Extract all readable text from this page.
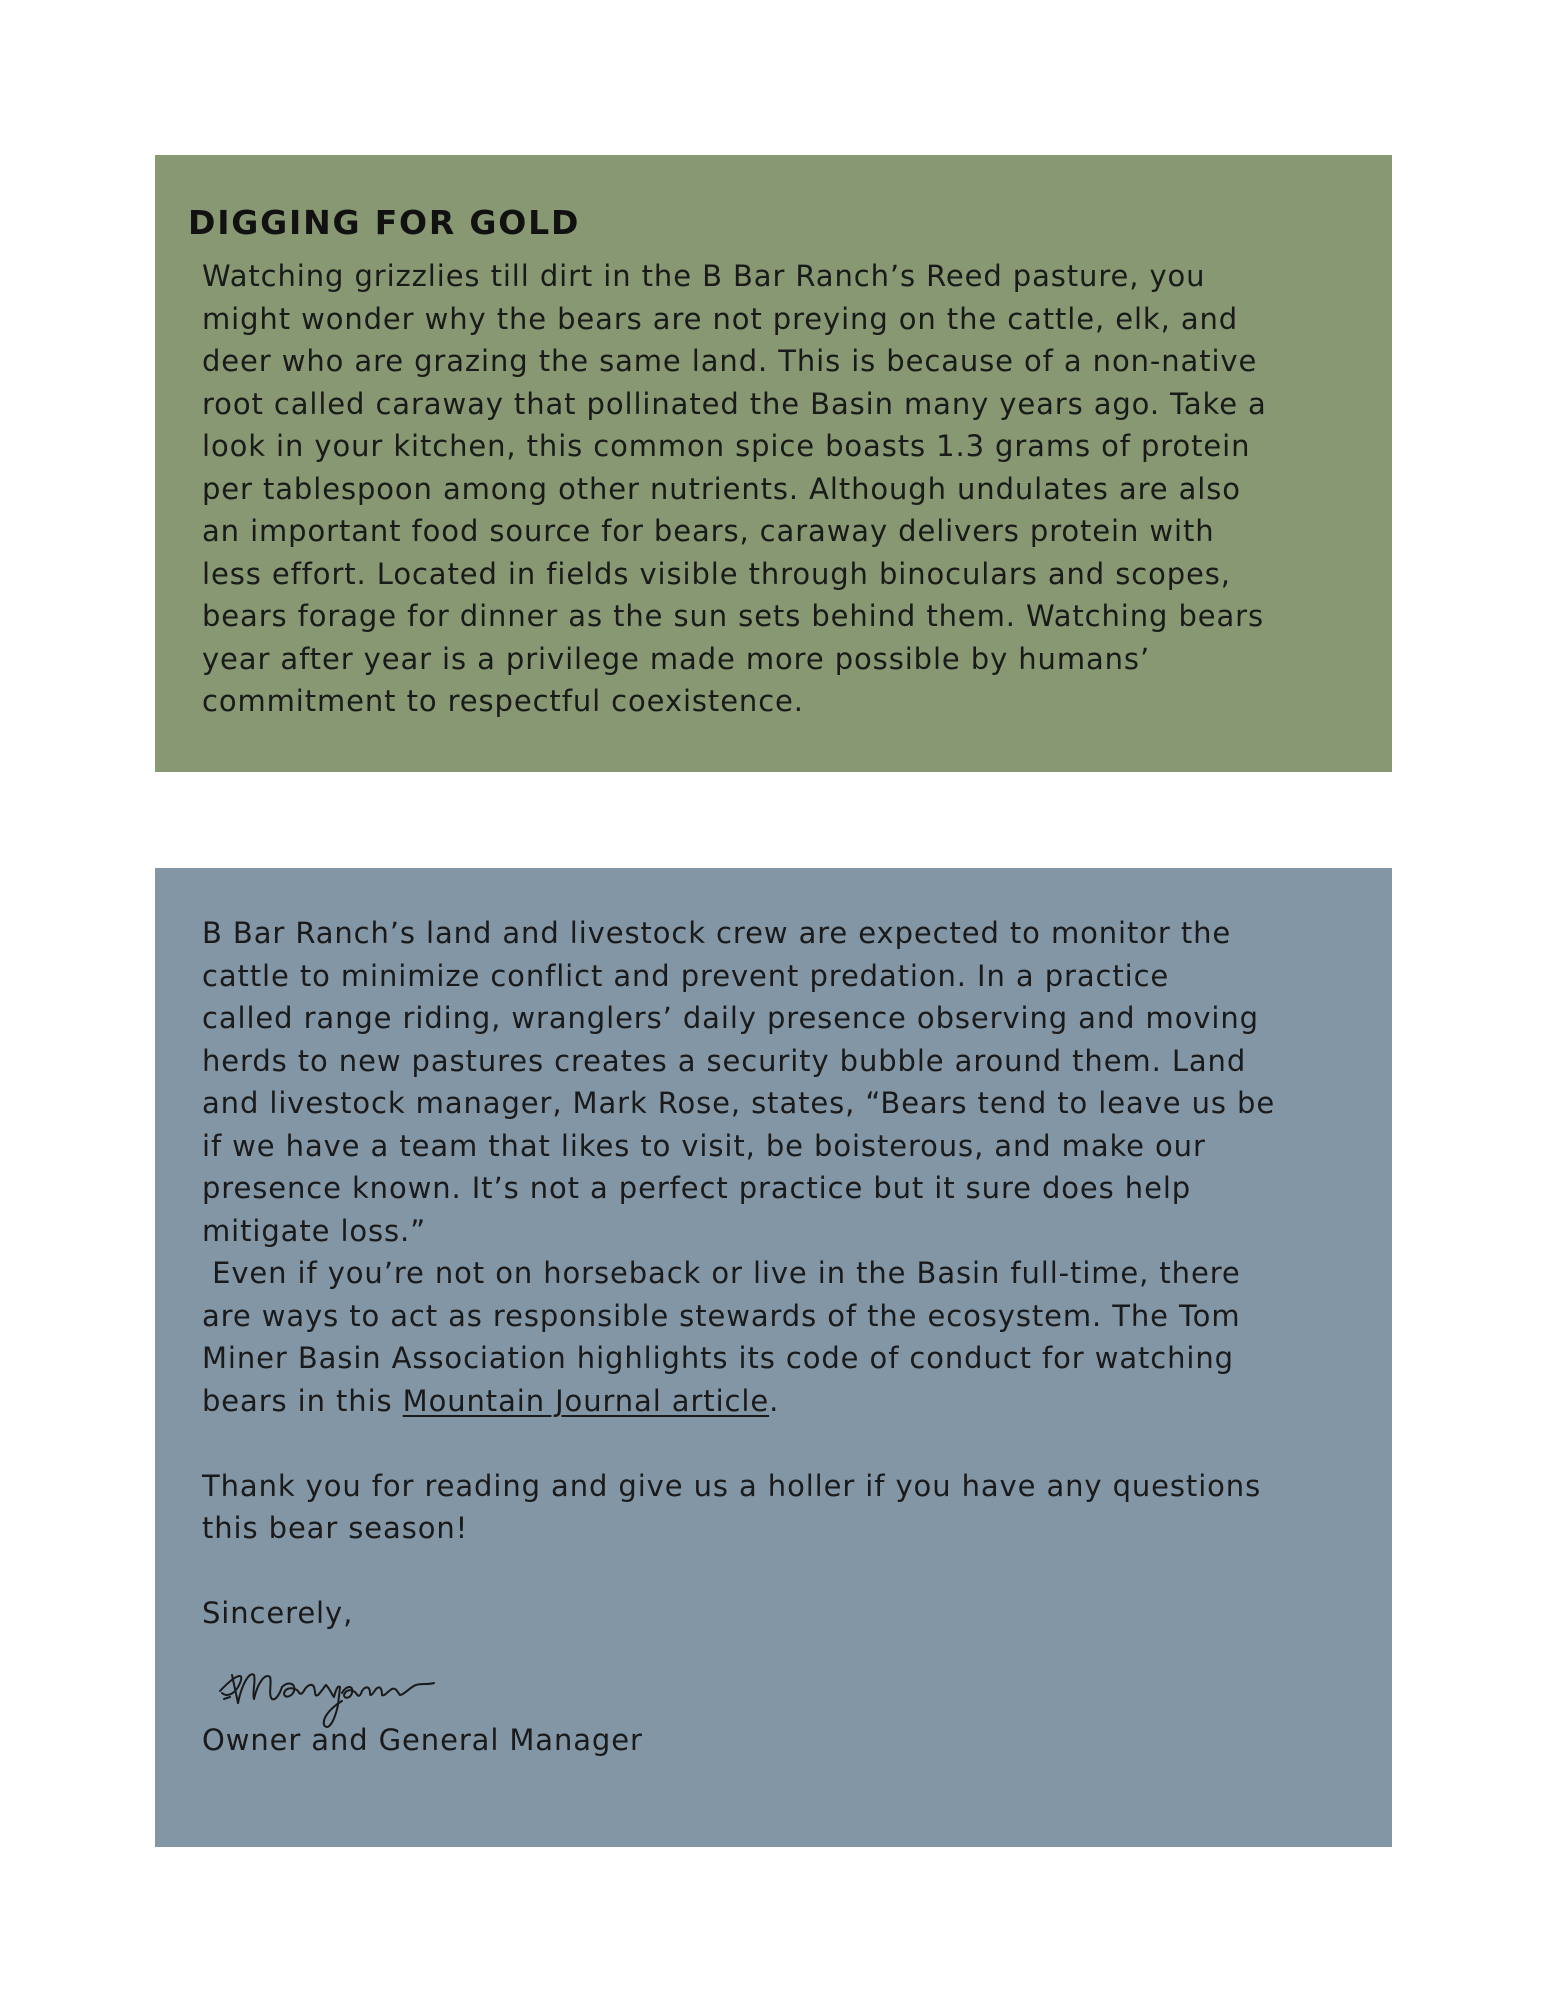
DIGGING FOR GOLD
Watching grizzlies till dirt in the B Bar Ranch’s Reed pasture, you
might wonder why the bears are not preying on the cattle, elk, and
deer who are grazing the same land. This is because of a non-native
root called caraway that pollinated the Basin many years ago. Take a
look in your kitchen, this common spice boasts 1.3 grams of protein
per tablespoon among other nutrients. Although undulates are also
an important food source for bears, caraway delivers protein with
less effort. Located in fields visible through binoculars and scopes,
bears forage for dinner as the sun sets behind them. Watching bears
year after year is a privilege made more possible by humans’
commitment to respectful coexistence.
B Bar Ranch’s land and livestock crew are expected to monitor the
cattle to minimize conflict and prevent predation. In a practice
called range riding, wranglers’ daily presence observing and moving
herds to new pastures creates a security bubble around them. Land
and livestock manager, Mark Rose, states, “Bears tend to leave us be
if we have a team that likes to visit, be boisterous, and make our
presence known. It’s not a perfect practice but it sure does help
mitigate loss.”
Even if you’re not on horseback or live in the Basin full-time, there
are ways to act as responsible stewards of the ecosystem. The Tom
Miner Basin Association highlights its code of conduct for watching
bears in this Mountain Journal article.
Thank you for reading and give us a holler if you have any questions
this bear season!
Sincerely,

Owner and General Manager
